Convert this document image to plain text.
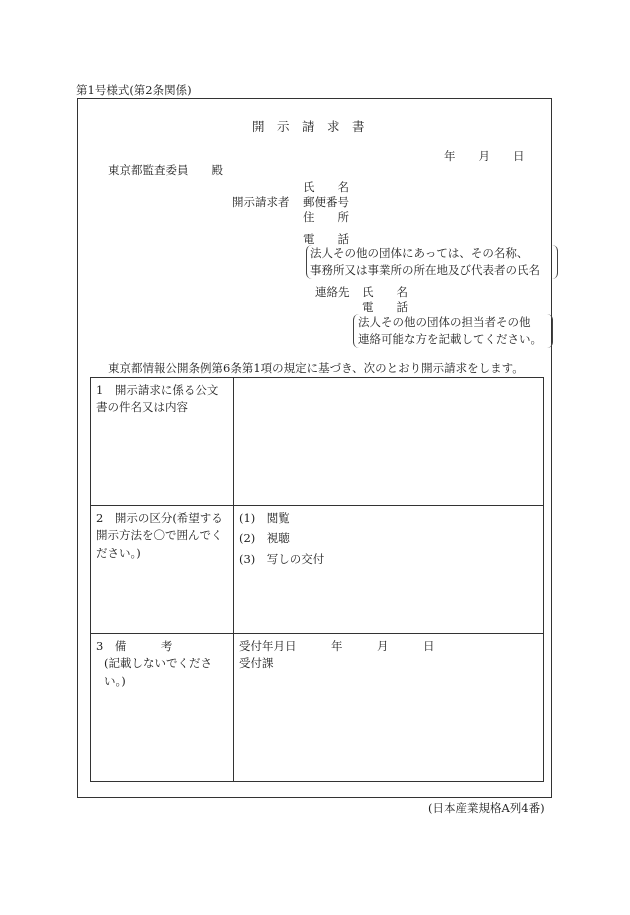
第1号様式(第2条関係)
開　示　請　求　書
年　　月　　日
東京都監査委員　　殿
氏　　名
開示請求者 郵便番号
住　　所
電　　話
法人その他の団体にあっては、その名称、
事務所又は事業所の所在地及び代表者の氏名
連絡先 氏　　名
電　　話
法人その他の団体の担当者その他
連絡可能な方を記載してください。
東京都情報公開条例第6条第1項の規定に基づき、次のとおり開示請求をします。
1　開示請求に係る公文書の件名又は内容	
2　開示の区分(希望する開示方法を〇で囲んでください。)	(1)　閲覧
(2)　視聴
(3)　写しの交付

3　備　　　考
(記載しないでください。)	受付年月日　　　年　　　月　　　日
受付課
(日本産業規格A列4番)
